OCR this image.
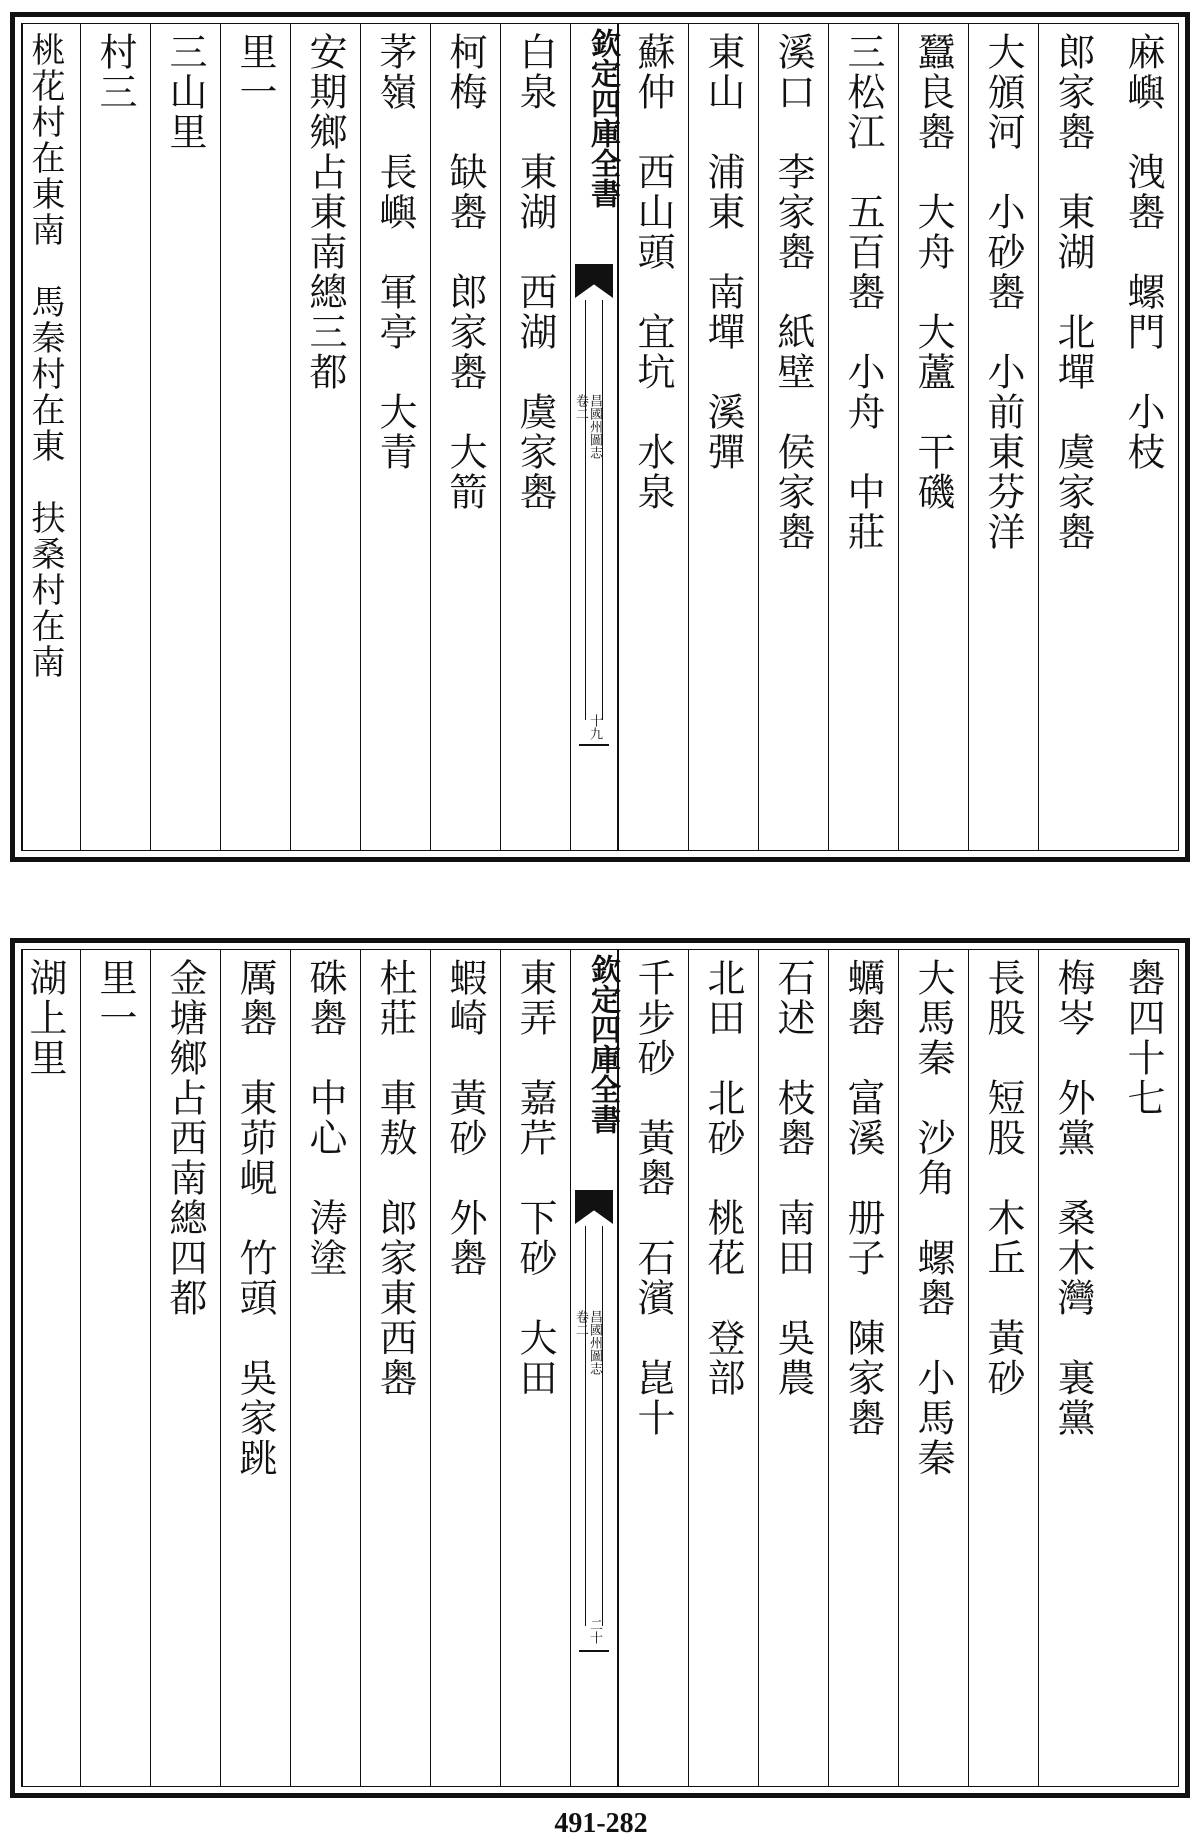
麻嶼　洩嶴　螺門　小枝
郎家嶴　東湖　北墠　虞家嶴
大頒河　小砂嶴　小前東芬洋
蠶良嶴　大舟　大蘆　干磯
三松江　五百嶴　小舟　中莊
溪口　李家嶴　紙壁　侯家嶴
東山　浦東　南墠　溪彈
蘇仲　西山頭　宜坑　水泉
欽定四庫全書
昌國州圖志
卷二
十九
白泉　東湖　西湖　虞家嶴
柯梅　缺嶴　郎家嶴　大箭
茅嶺　長嶼　軍亭　大青
安期鄉占東南總三都
里一
三山里
村三
桃花村在東南　馬秦村在東　扶桑村在南
嶴四十七
梅岑　外黨　桑木灣　裏黨
長股　短股　木丘　黃砂
大馬秦　沙角　螺嶴　小馬秦
蠣嶴　富溪　册子　陳家嶴
石述　枝嶴　南田　吳農
北田　北砂　桃花　登部
千步砂　黃嶴　石濱　崑十
欽定四庫全書
昌國州圖志
卷二
二十
東弄　嘉芹　下砂　大田
蝦崎　黃砂　外嶴
杜莊　車敖　郎家東西嶴
硃嶴　中心　涛塗
厲嶴　東茆峴　竹頭　吳家跳
金塘鄉占西南總四都
里一
湖上里
491-282
